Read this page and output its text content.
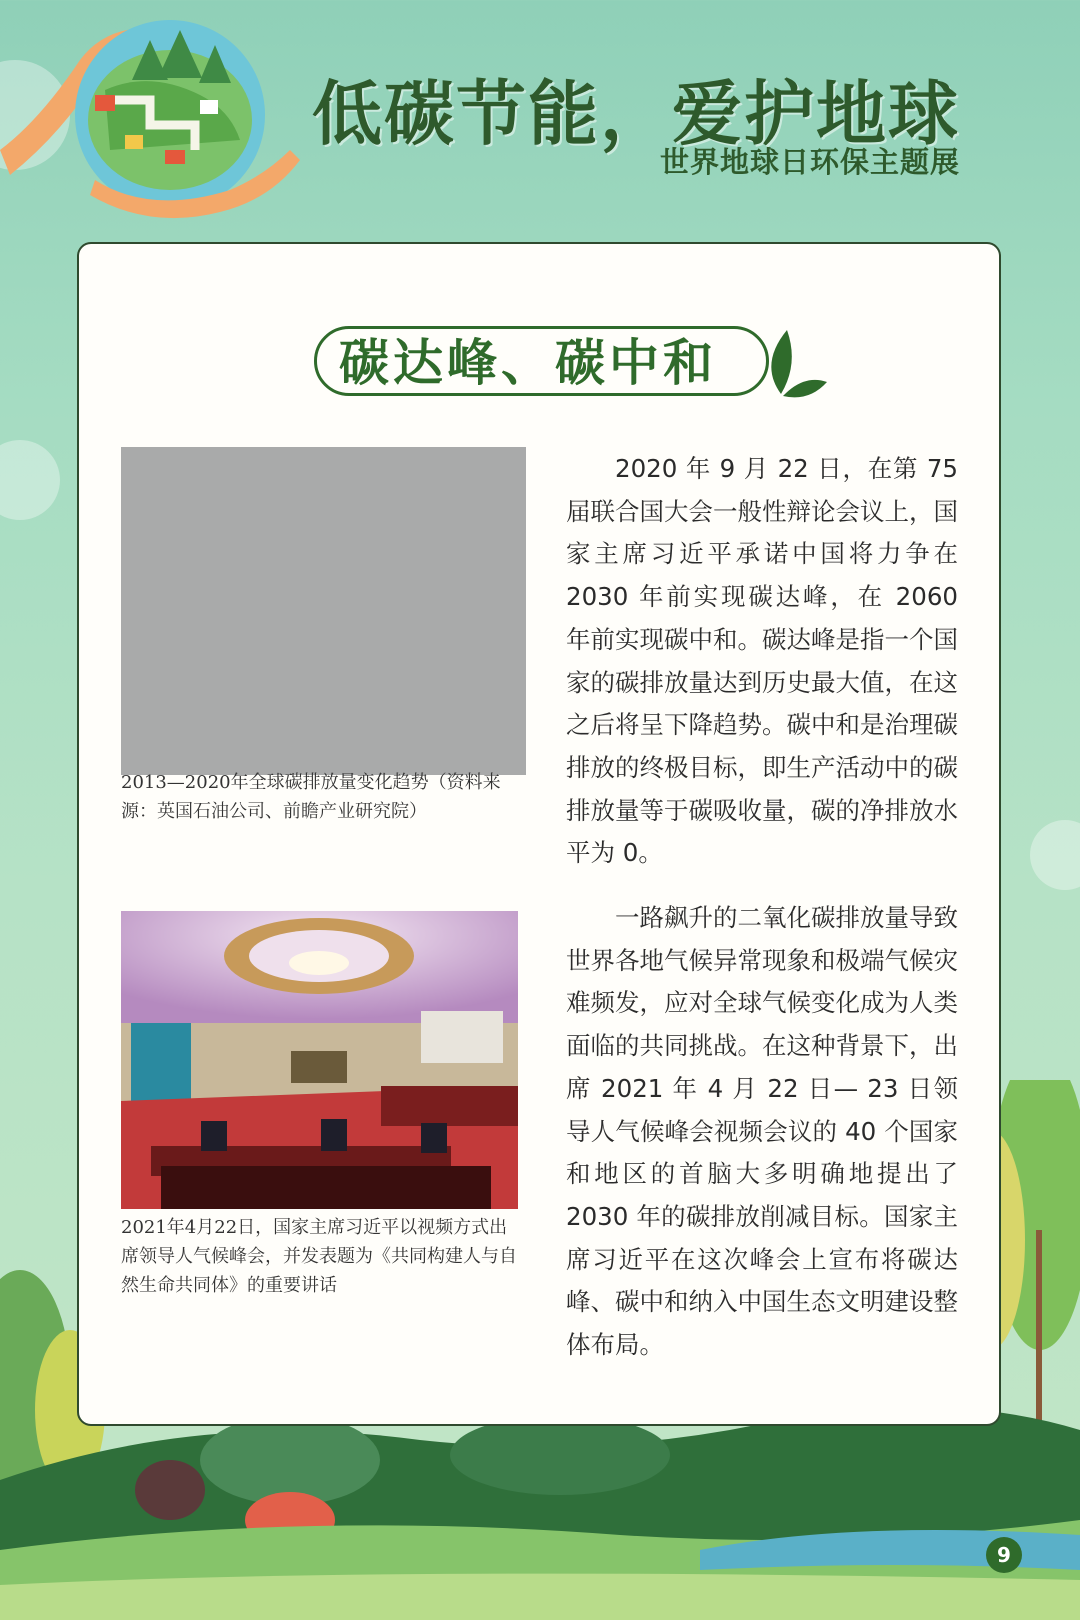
低碳节能，爱护地球
世界地球日环保主题展
碳达峰、碳中和
2013—2020年全球碳排放量变化趋势（资料来源：英国石油公司、前瞻产业研究院）
2021年4月22日，国家主席习近平以视频方式出席领导人气候峰会，并发表题为《共同构建人与自然生命共同体》的重要讲话

2020 年 9 月 22 日，在第 75 届联合国大会一般性辩论会议上，国家主席习近平承诺中国将力争在 2030 年前实现碳达峰，在 2060 年前实现碳中和。碳达峰是指一个国家的碳排放量达到历史最大值，在这之后将呈下降趋势。碳中和是治理碳排放的终极目标，即生产活动中的碳排放量等于碳吸收量，碳的净排放水平为 0。

一路飙升的二氧化碳排放量导致世界各地气候异常现象和极端气候灾难频发，应对全球气候变化成为人类面临的共同挑战。在这种背景下，出席 2021 年 4 月 22 日— 23 日领导人气候峰会视频会议的 40 个国家和地区的首脑大多明确地提出了 2030 年的碳排放削减目标。国家主席习近平在这次峰会上宣布将碳达峰、碳中和纳入中国生态文明建设整体布局。

9
